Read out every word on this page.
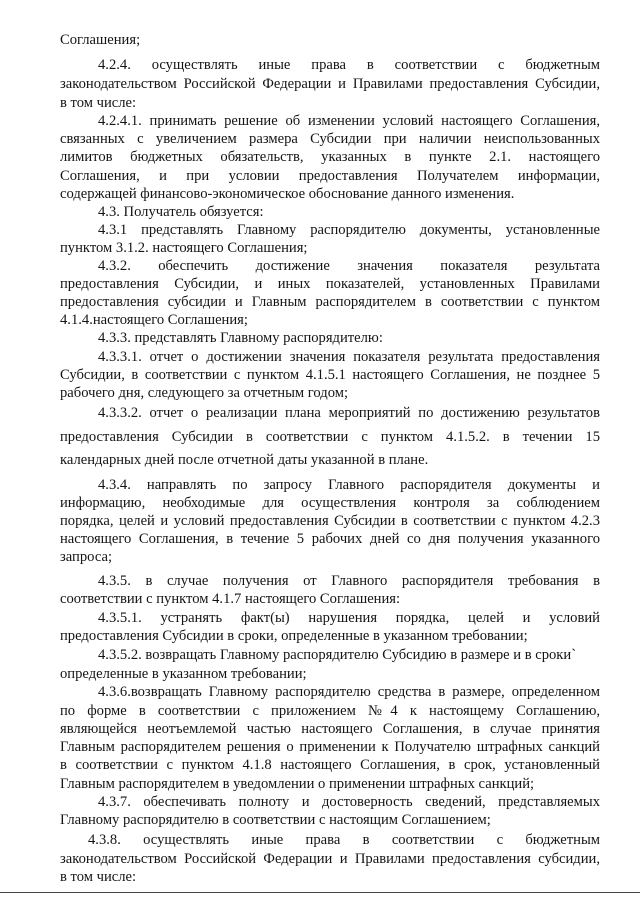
Соглашения;
4.2.4. осуществлять иные права в соответствии с бюджетным
законодательством Российской Федерации и Правилами предоставления Субсидии,
в том числе:
4.2.4.1. принимать решение об изменении условий настоящего Соглашения,
связанных с увеличением размера Субсидии при наличии неиспользованных
лимитов бюджетных обязательств, указанных в пункте 2.1. настоящего
Соглашения, и при условии предоставления Получателем информации,
содержащей финансово-экономическое обоснование данного изменения.
4.3. Получатель обязуется:
4.3.1 представлять Главному распорядителю документы, установленные
пунктом 3.1.2. настоящего Соглашения;
4.3.2. обеспечить достижение значения показателя результата
предоставления Субсидии, и иных показателей, установленных Правилами
предоставления субсидии и Главным распорядителем в соответствии с пунктом
4.1.4.настоящего Соглашения;
4.3.3. представлять Главному распорядителю:
4.3.3.1. отчет о достижении значения показателя результата предоставления
Субсидии, в соответствии с пунктом 4.1.5.1 настоящего Соглашения, не позднее 5
рабочего дня, следующего за отчетным годом;
4.3.3.2. отчет о реализации плана мероприятий по достижению результатов
предоставления Субсидии в соответствии с пунктом 4.1.5.2. в течении 15
календарных дней после отчетной даты указанной в плане.
4.3.4. направлять по запросу Главного распорядителя документы и
информацию, необходимые для осуществления контроля за соблюдением
порядка, целей и условий предоставления Субсидии в соответствии с пунктом 4.2.3
настоящего Соглашения, в течение 5 рабочих дней со дня получения указанного
запроса;
4.3.5. в случае получения от Главного распорядителя требования в
соответствии с пунктом 4.1.7 настоящего Соглашения:
4.3.5.1. устранять факт(ы) нарушения порядка, целей и условий
предоставления Субсидии в сроки, определенные в указанном требовании;
4.3.5.2. возвращать Главному распорядителю Субсидию в размере и в сроки`
определенные в указанном требовании;
4.3.6.возвращать Главному распорядителю средства в размере, определенном
по форме в соответствии с приложением №4 к настоящему Соглашению,
являющейся неотъемлемой частью настоящего Соглашения, в случае принятия
Главным распорядителем решения о применении к Получателю штрафных санкций
в соответствии с пунктом 4.1.8 настоящего Соглашения, в срок, установленный
Главным распорядителем в уведомлении о применении штрафных санкций;
4.3.7. обеспечивать полноту и достоверность сведений, представляемых
Главному распорядителю в соответствии с настоящим Соглашением;
4.3.8. осуществлять иные права в соответствии с бюджетным
законодательством Российской Федерации и Правилами предоставления субсидии,
в том числе:
